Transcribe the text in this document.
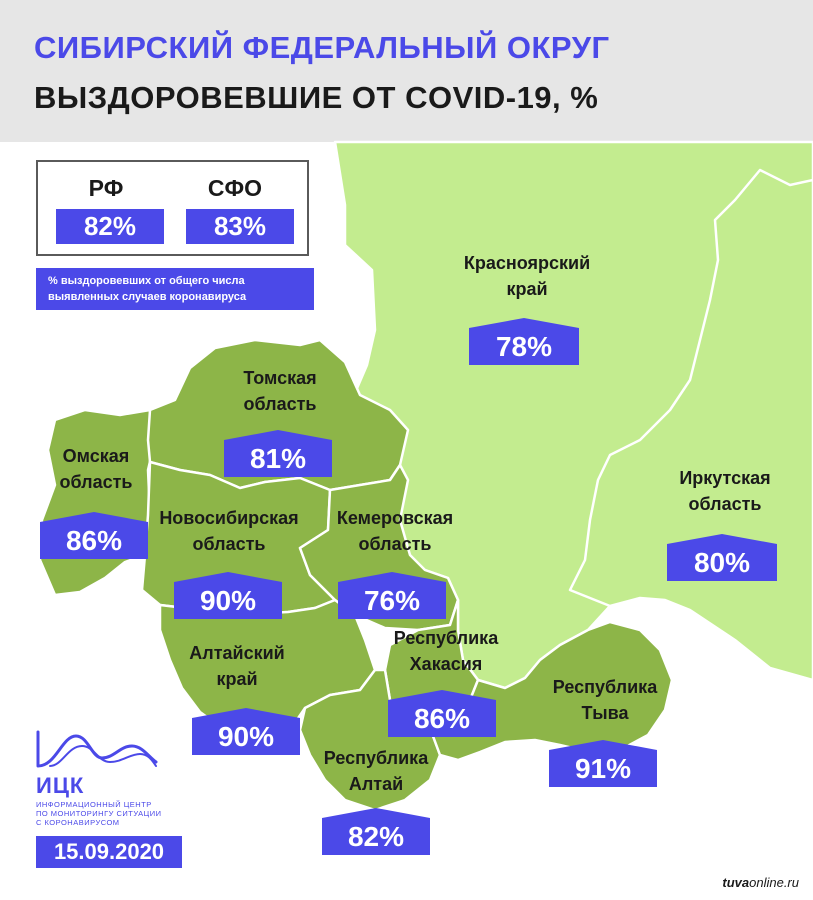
СИБИРСКИЙ ФЕДЕРАЛЬНЫЙ ОКРУГ
ВЫЗДОРОВЕВШИЕ ОТ COVID-19, %
РФ
82%
СФО
83%
% выздоровевших от общего числа
выявленных случаев коронавируса
Красноярский
край
78%
Иркутская
область
80%
Томская
область
81%
Омская
область
86%
Новосибирская
область
90%
Кемеровская
область
76%
Алтайский
край
90%
Республика
Хакасия
86%
Республика
Алтай
82%
Республика
Тыва
91%
ИЦК
ИНФОРМАЦИОННЫЙ ЦЕНТР
ПО МОНИТОРИНГУ СИТУАЦИИ
С КОРОНАВИРУСОМ
15.09.2020
tuvaonline.ru
